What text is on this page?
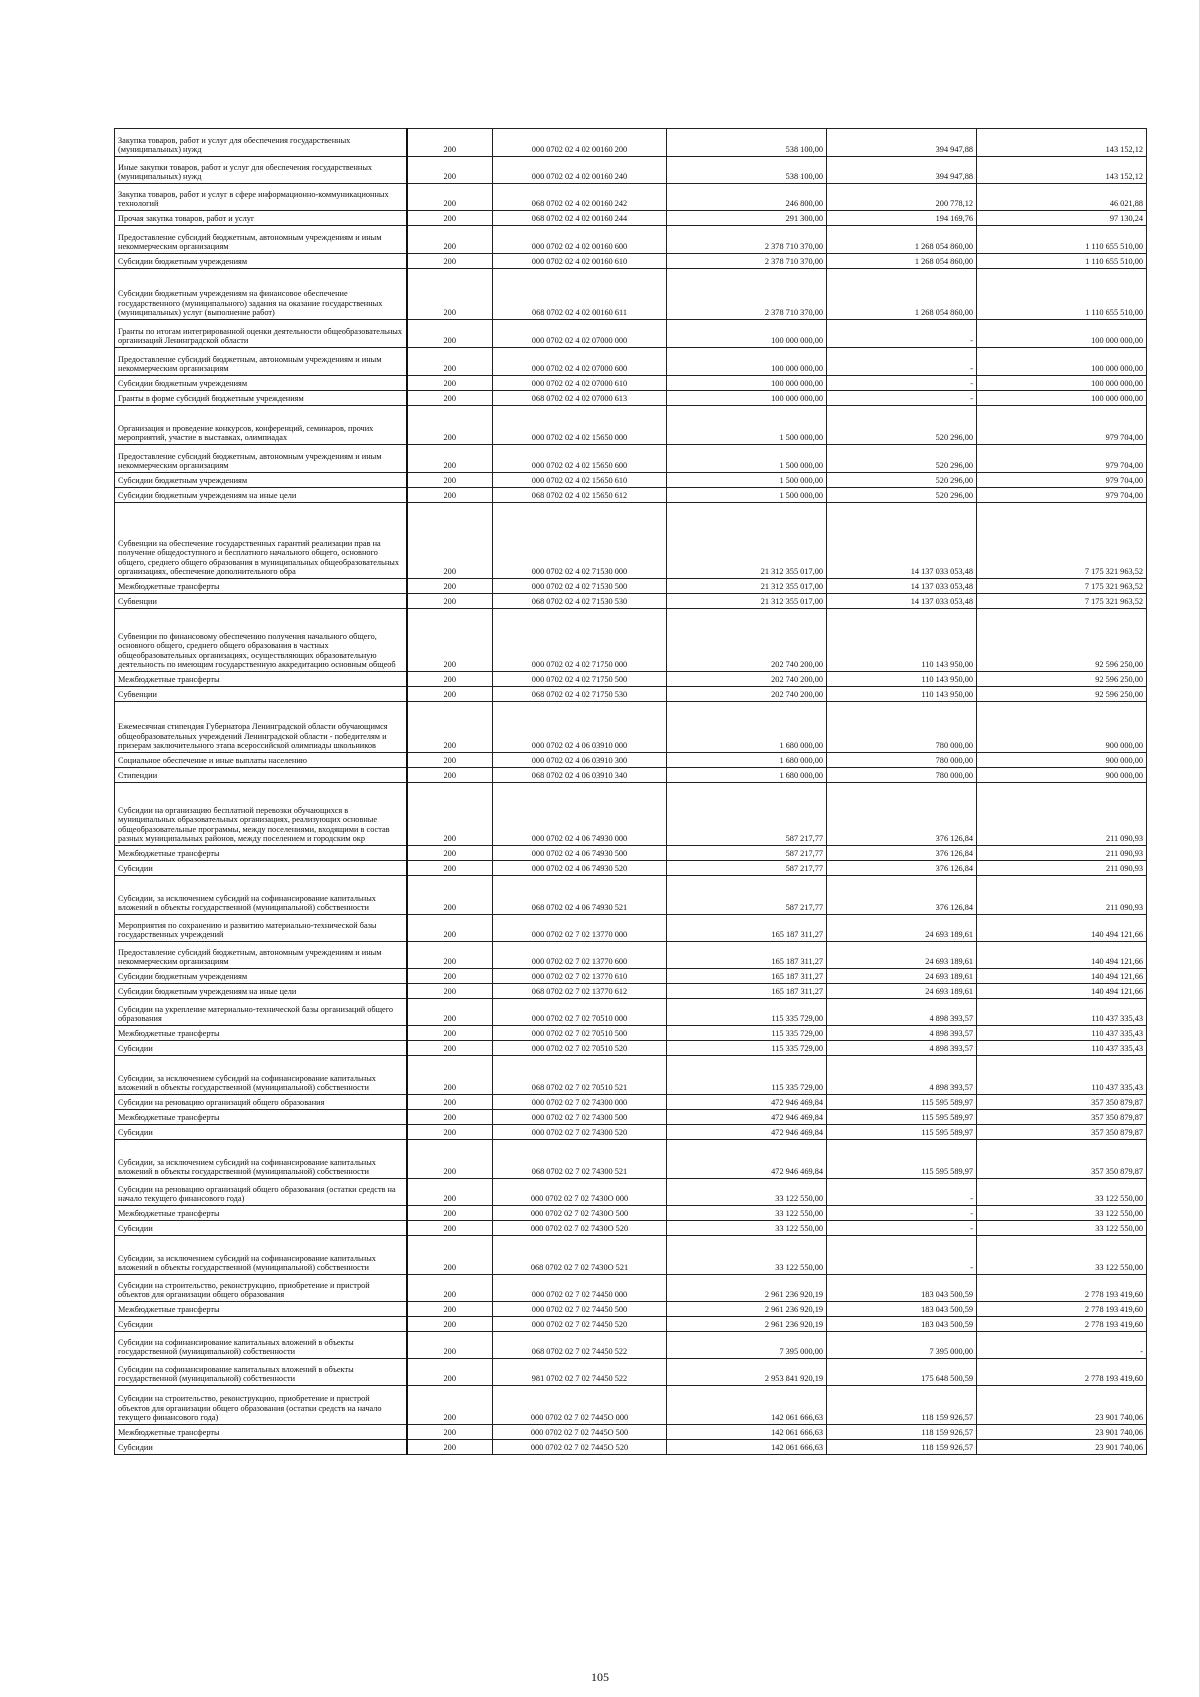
Закупка товаров, работ и услуг для обеспечения государственных (муниципальных) нужд	200	000 0702 02 4 02 00160 200	538 100,00	394 947,88	143 152,12
Иные закупки товаров, работ и услуг для обеспечения государственных (муниципальных) нужд	200	000 0702 02 4 02 00160 240	538 100,00	394 947,88	143 152,12
Закупка товаров, работ и услуг в сфере информационно-коммуникационных технологий	200	068 0702 02 4 02 00160 242	246 800,00	200 778,12	46 021,88
Прочая закупка товаров, работ и услуг	200	068 0702 02 4 02 00160 244	291 300,00	194 169,76	97 130,24
Предоставление субсидий бюджетным, автономным учреждениям и иным некоммерческим организациям	200	000 0702 02 4 02 00160 600	2 378 710 370,00	1 268 054 860,00	1 110 655 510,00
Субсидии бюджетным учреждениям	200	000 0702 02 4 02 00160 610	2 378 710 370,00	1 268 054 860,00	1 110 655 510,00
Субсидии бюджетным учреждениям на финансовое обеспечение государственного (муниципального) задания на оказание государственных (муниципальных) услуг (выполнение работ)	200	068 0702 02 4 02 00160 611	2 378 710 370,00	1 268 054 860,00	1 110 655 510,00
Гранты по итогам интегрированной оценки деятельности общеобразовательных организаций Ленинградской области	200	000 0702 02 4 02 07000 000	100 000 000,00	-	100 000 000,00
Предоставление субсидий бюджетным, автономным учреждениям и иным некоммерческим организациям	200	000 0702 02 4 02 07000 600	100 000 000,00	-	100 000 000,00
Субсидии бюджетным учреждениям	200	000 0702 02 4 02 07000 610	100 000 000,00	-	100 000 000,00
Гранты в форме субсидий бюджетным учреждениям	200	068 0702 02 4 02 07000 613	100 000 000,00	-	100 000 000,00
Организация и проведение конкурсов, конференций, семинаров, прочих мероприятий, участие в выставках, олимпиадах	200	000 0702 02 4 02 15650 000	1 500 000,00	520 296,00	979 704,00
Предоставление субсидий бюджетным, автономным учреждениям и иным некоммерческим организациям	200	000 0702 02 4 02 15650 600	1 500 000,00	520 296,00	979 704,00
Субсидии бюджетным учреждениям	200	000 0702 02 4 02 15650 610	1 500 000,00	520 296,00	979 704,00
Субсидии бюджетным учреждениям на иные цели	200	068 0702 02 4 02 15650 612	1 500 000,00	520 296,00	979 704,00
Субвенции на обеспечение государственных гарантий реализации прав на получение общедоступного и бесплатного начального общего, основного общего, среднего общего образования в муниципальных общеобразовательных организациях, обеспечение дополнительного обра	200	000 0702 02 4 02 71530 000	21 312 355 017,00	14 137 033 053,48	7 175 321 963,52
Межбюджетные трансферты	200	000 0702 02 4 02 71530 500	21 312 355 017,00	14 137 033 053,48	7 175 321 963,52
Субвенции	200	068 0702 02 4 02 71530 530	21 312 355 017,00	14 137 033 053,48	7 175 321 963,52
Субвенции по финансовому обеспечению получения начального общего, основного общего, среднего общего образования в частных общеобразовательных организациях, осуществляющих образовательную деятельность по имеющим государственную аккредитацию основным общеоб	200	000 0702 02 4 02 71750 000	202 740 200,00	110 143 950,00	92 596 250,00
Межбюджетные трансферты	200	000 0702 02 4 02 71750 500	202 740 200,00	110 143 950,00	92 596 250,00
Субвенции	200	068 0702 02 4 02 71750 530	202 740 200,00	110 143 950,00	92 596 250,00
Ежемесячная стипендия Губернатора Ленинградской области обучающимся общеобразовательных учреждений Ленинградской области - победителям и призерам заключительного этапа всероссийской олимпиады школьников	200	000 0702 02 4 06 03910 000	1 680 000,00	780 000,00	900 000,00
Социальное обеспечение и иные выплаты населению	200	000 0702 02 4 06 03910 300	1 680 000,00	780 000,00	900 000,00
Стипендии	200	068 0702 02 4 06 03910 340	1 680 000,00	780 000,00	900 000,00
Субсидии на организацию бесплатной перевозки обучающихся в муниципальных образовательных организациях, реализующих основные общеобразовательные программы, между поселениями, входящими в состав разных муниципальных районов, между поселением и городским окр	200	000 0702 02 4 06 74930 000	587 217,77	376 126,84	211 090,93
Межбюджетные трансферты	200	000 0702 02 4 06 74930 500	587 217,77	376 126,84	211 090,93
Субсидии	200	000 0702 02 4 06 74930 520	587 217,77	376 126,84	211 090,93
Субсидии, за исключением субсидий на софинансирование капитальных вложений в объекты государственной (муниципальной) собственности	200	068 0702 02 4 06 74930 521	587 217,77	376 126,84	211 090,93
Мероприятия по сохранению и развитию материально-технической базы государственных учреждений	200	000 0702 02 7 02 13770 000	165 187 311,27	24 693 189,61	140 494 121,66
Предоставление субсидий бюджетным, автономным учреждениям и иным некоммерческим организациям	200	000 0702 02 7 02 13770 600	165 187 311,27	24 693 189,61	140 494 121,66
Субсидии бюджетным учреждениям	200	000 0702 02 7 02 13770 610	165 187 311,27	24 693 189,61	140 494 121,66
Субсидии бюджетным учреждениям на иные цели	200	068 0702 02 7 02 13770 612	165 187 311,27	24 693 189,61	140 494 121,66
Субсидии на укрепление материально-технической базы организаций общего образования	200	000 0702 02 7 02 70510 000	115 335 729,00	4 898 393,57	110 437 335,43
Межбюджетные трансферты	200	000 0702 02 7 02 70510 500	115 335 729,00	4 898 393,57	110 437 335,43
Субсидии	200	000 0702 02 7 02 70510 520	115 335 729,00	4 898 393,57	110 437 335,43
Субсидии, за исключением субсидий на софинансирование капитальных вложений в объекты государственной (муниципальной) собственности	200	068 0702 02 7 02 70510 521	115 335 729,00	4 898 393,57	110 437 335,43
Субсидии на реновацию организаций общего образования	200	000 0702 02 7 02 74300 000	472 946 469,84	115 595 589,97	357 350 879,87
Межбюджетные трансферты	200	000 0702 02 7 02 74300 500	472 946 469,84	115 595 589,97	357 350 879,87
Субсидии	200	000 0702 02 7 02 74300 520	472 946 469,84	115 595 589,97	357 350 879,87
Субсидии, за исключением субсидий на софинансирование капитальных вложений в объекты государственной (муниципальной) собственности	200	068 0702 02 7 02 74300 521	472 946 469,84	115 595 589,97	357 350 879,87
Субсидии на реновацию организаций общего образования (остатки средств на начало текущего финансового года)	200	000 0702 02 7 02 7430О 000	33 122 550,00	-	33 122 550,00
Межбюджетные трансферты	200	000 0702 02 7 02 7430О 500	33 122 550,00	-	33 122 550,00
Субсидии	200	000 0702 02 7 02 7430О 520	33 122 550,00	-	33 122 550,00
Субсидии, за исключением субсидий на софинансирование капитальных вложений в объекты государственной (муниципальной) собственности	200	068 0702 02 7 02 7430О 521	33 122 550,00	-	33 122 550,00
Субсидии на строительство, реконструкцию, приобретение и пристрой объектов для организации общего образования	200	000 0702 02 7 02 74450 000	2 961 236 920,19	183 043 500,59	2 778 193 419,60
Межбюджетные трансферты	200	000 0702 02 7 02 74450 500	2 961 236 920,19	183 043 500,59	2 778 193 419,60
Субсидии	200	000 0702 02 7 02 74450 520	2 961 236 920,19	183 043 500,59	2 778 193 419,60
Субсидии на софинансирование капитальных вложений в объекты государственной (муниципальной) собственности	200	068 0702 02 7 02 74450 522	7 395 000,00	7 395 000,00	-
Субсидии на софинансирование капитальных вложений в объекты государственной (муниципальной) собственности	200	981 0702 02 7 02 74450 522	2 953 841 920,19	175 648 500,59	2 778 193 419,60
Субсидии на строительство, реконструкцию, приобретение и пристрой объектов для организации общего образования (остатки средств на начало текущего финансового года)	200	000 0702 02 7 02 7445О 000	142 061 666,63	118 159 926,57	23 901 740,06
Межбюджетные трансферты	200	000 0702 02 7 02 7445О 500	142 061 666,63	118 159 926,57	23 901 740,06
Субсидии	200	000 0702 02 7 02 7445О 520	142 061 666,63	118 159 926,57	23 901 740,06
105
